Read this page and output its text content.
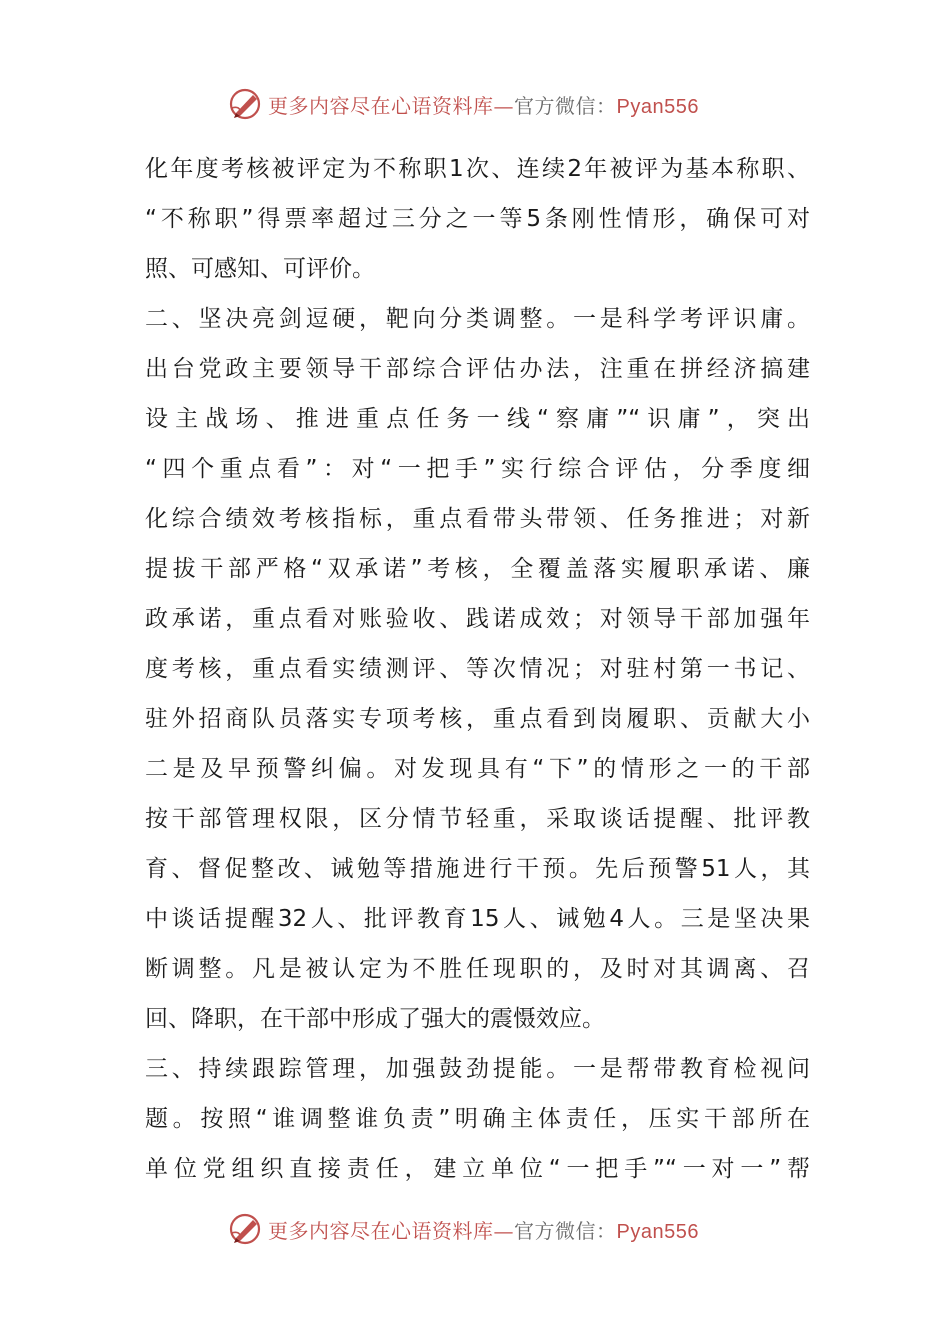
更多内容尽在心语资料库—官方微信：Pyan556
化年度考核被评定为不称职1次、连续2年被评为基本称职、
“不称职”得票率超过三分之一等5条刚性情形，确保可对
照、可感知、可评价。
二、坚决亮剑逗硬，靶向分类调整。一是科学考评识庸。
出台党政主要领导干部综合评估办法，注重在拼经济搞建
设主战场、推进重点任务一线“察庸”“识庸”，突出
“四个重点看”：对“一把手”实行综合评估，分季度细
化综合绩效考核指标，重点看带头带领、任务推进；对新
提拔干部严格“双承诺”考核，全覆盖落实履职承诺、廉
政承诺，重点看对账验收、践诺成效；对领导干部加强年
度考核，重点看实绩测评、等次情况；对驻村第一书记、
驻外招商队员落实专项考核，重点看到岗履职、贡献大小
二是及早预警纠偏。对发现具有“下”的情形之一的干部
按干部管理权限，区分情节轻重，采取谈话提醒、批评教
育、督促整改、诫勉等措施进行干预。先后预警51人，其
中谈话提醒32人、批评教育15人、诫勉4人。三是坚决果
断调整。凡是被认定为不胜任现职的，及时对其调离、召
回、降职，在干部中形成了强大的震慑效应。
三、持续跟踪管理，加强鼓劲提能。一是帮带教育检视问
题。按照“谁调整谁负责”明确主体责任，压实干部所在
单位党组织直接责任，建立单位“一把手”“一对一”帮
更多内容尽在心语资料库—官方微信：Pyan556
